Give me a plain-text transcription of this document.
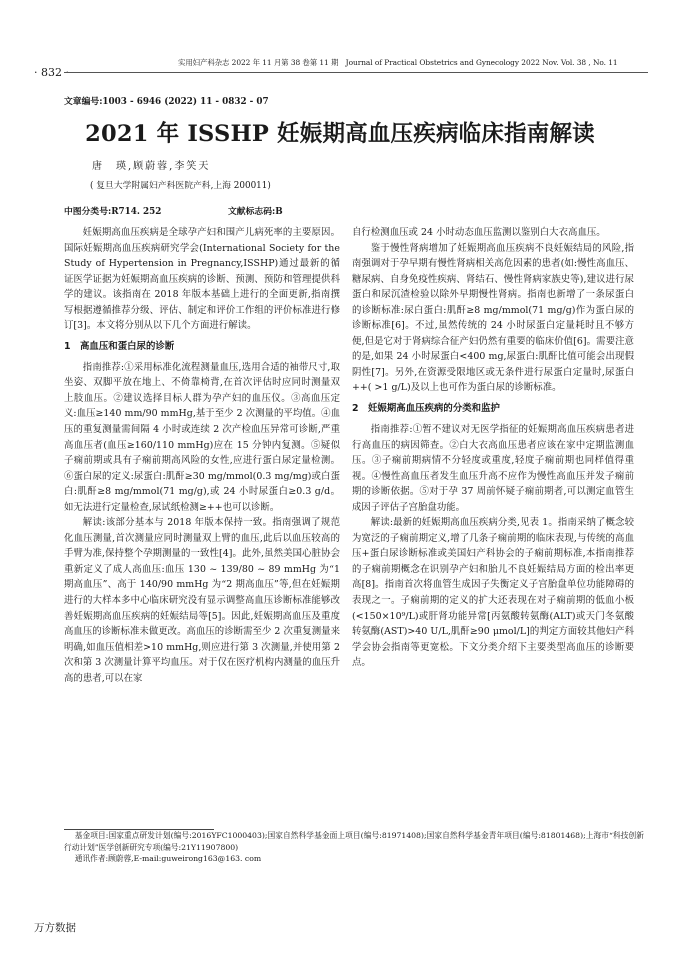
· 832 ·
实用妇产科杂志 2022 年 11 月第 38 卷第 11 期　Journal of Practical Obstetrics and Gynecology 2022 Nov. Vol. 38 , No. 11
文章编号:1003 - 6946 (2022) 11 - 0832 - 07
2021 年 ISSHP 妊娠期高血压疾病临床指南解读
唐　瑛,顾蔚蓉,李笑天
( 复旦大学附属妇产科医院产科,上海 200011)
中图分类号:R714. 252	文献标志码:B

妊娠期高血压疾病是全球孕产妇和围产儿病死率的主要原因。国际妊娠期高血压疾病研究学会(International Society for the Study of Hypertension in Pregnancy,ISSHP)通过最新的循证医学证据为妊娠期高血压疾病的诊断、预测、预防和管理提供科学的建议。该指南在 2018 年版本基础上进行的全面更新,指南撰写根据遵循推荐分级、评估、制定和评价工作组的评价标准进行修订[3]。本文将分别从以下几个方面进行解读。

1　高血压和蛋白尿的诊断

指南推荐:①采用标准化流程测量血压,选用合适的袖带尺寸,取坐姿、双脚平放在地上、不倚靠椅背,在首次评估时应同时测量双上肢血压。②建议选择目标人群为孕产妇的血压仪。③高血压定义:血压≥140 mm/90 mmHg,基于至少 2 次测量的平均值。④血压的重复测量需间隔 4 小时或连续 2 次产检血压异常可诊断,严重高血压者(血压≥160/110 mmHg)应在 15 分钟内复测。⑤疑似子痫前期或具有子痫前期高风险的女性,应进行蛋白尿定量检测。⑥蛋白尿的定义:尿蛋白:肌酐≥30 mg/mmol(0.3 mg/mg)或白蛋白:肌酐≥8 mg/mmol(71 mg/g),或 24 小时尿蛋白≥0.3 g/d。如无法进行定量检查,尿试纸检测≥++也可以诊断。

解读:该部分基本与 2018 年版本保持一致。指南强调了规范化血压测量,首次测量应同时测量双上臂的血压,此后以血压较高的手臂为准,保持整个孕期测量的一致性[4]。此外,虽然美国心脏协会重新定义了成人高血压:血压 130 ~ 139/80 ~ 89 mmHg 为“1 期高血压”、高于 140/90 mmHg 为“2 期高血压”等,但在妊娠期进行的大样本多中心临床研究没有显示调整高血压诊断标准能够改善妊娠期高血压疾病的妊娠结局等[5]。因此,妊娠期高血压及重度高血压的诊断标准未做更改。高血压的诊断需至少 2 次重复测量来明确,如血压值相差>10 mmHg,则应进行第 3 次测量,并使用第 2 次和第 3 次测量计算平均血压。对于仅在医疗机构内测量的血压升高的患者,可以在家

自行检测血压或 24 小时动态血压监测以鉴别白大衣高血压。

鉴于慢性肾病增加了妊娠期高血压疾病不良妊娠结局的风险,指南强调对于孕早期有慢性肾病相关高危因素的患者(如:慢性高血压、糖尿病、自身免疫性疾病、肾结石、慢性肾病家族史等),建议进行尿蛋白和尿沉渣检验以除外早期慢性肾病。指南也新增了一条尿蛋白的诊断标准:尿白蛋白:肌酐≥8 mg/mmol(71 mg/g)作为蛋白尿的诊断标准[6]。不过,虽然传统的 24 小时尿蛋白定量耗时且不够方便,但是它对于肾病综合征产妇仍然有重要的临床价值[6]。需要注意的是,如果 24 小时尿蛋白<400 mg,尿蛋白:肌酐比值可能会出现假阴性[7]。另外,在资源受限地区或无条件进行尿蛋白定量时,尿蛋白++( >1 g/L)及以上也可作为蛋白尿的诊断标准。

2　妊娠期高血压疾病的分类和监护

指南推荐:①暂不建议对无医学指征的妊娠期高血压疾病患者进行高血压的病因筛查。②白大衣高血压患者应该在家中定期监测血压。③子痫前期病情不分轻度或重度,轻度子痫前期也同样值得重视。④慢性高血压者发生血压升高不应作为慢性高血压并发子痫前期的诊断依据。⑤对于孕 37 周前怀疑子痫前期者,可以测定血管生成因子评估子宫胎盘功能。

解读:最新的妊娠期高血压疾病分类,见表 1。指南采纳了概念较为宽泛的子痫前期定义,增了几条子痫前期的临床表现,与传统的高血压+蛋白尿诊断标准或美国妇产科协会的子痫前期标准,本指南推荐的子痫前期概念在识别孕产妇和胎儿不良妊娠结局方面的检出率更高[8]。指南首次将血管生成因子失衡定义子宫胎盘单位功能障碍的表现之一。子痫前期的定义的扩大还表现在对子痫前期的低血小板(<150×10⁹/L)或肝肾功能异常[丙氨酸转氨酶(ALT)或天门冬氨酸转氨酶(AST)>40 U/L,肌酐≥90 μmol/L]的判定方面较其他妇产科学会协会指南等更宽松。下文分类介绍下主要类型高血压的诊断要点。

基金项目:国家重点研发计划(编号:2016YFC1000403);国家自然科学基金面上项目(编号:81971408);国家自然科学基金青年项目(编号:81801468);上海市“科技创新行动计划”医学创新研究专项(编号:21Y11907800)

通讯作者:顾蔚蓉,E-mail:guweirong163@163. com

万方数据
